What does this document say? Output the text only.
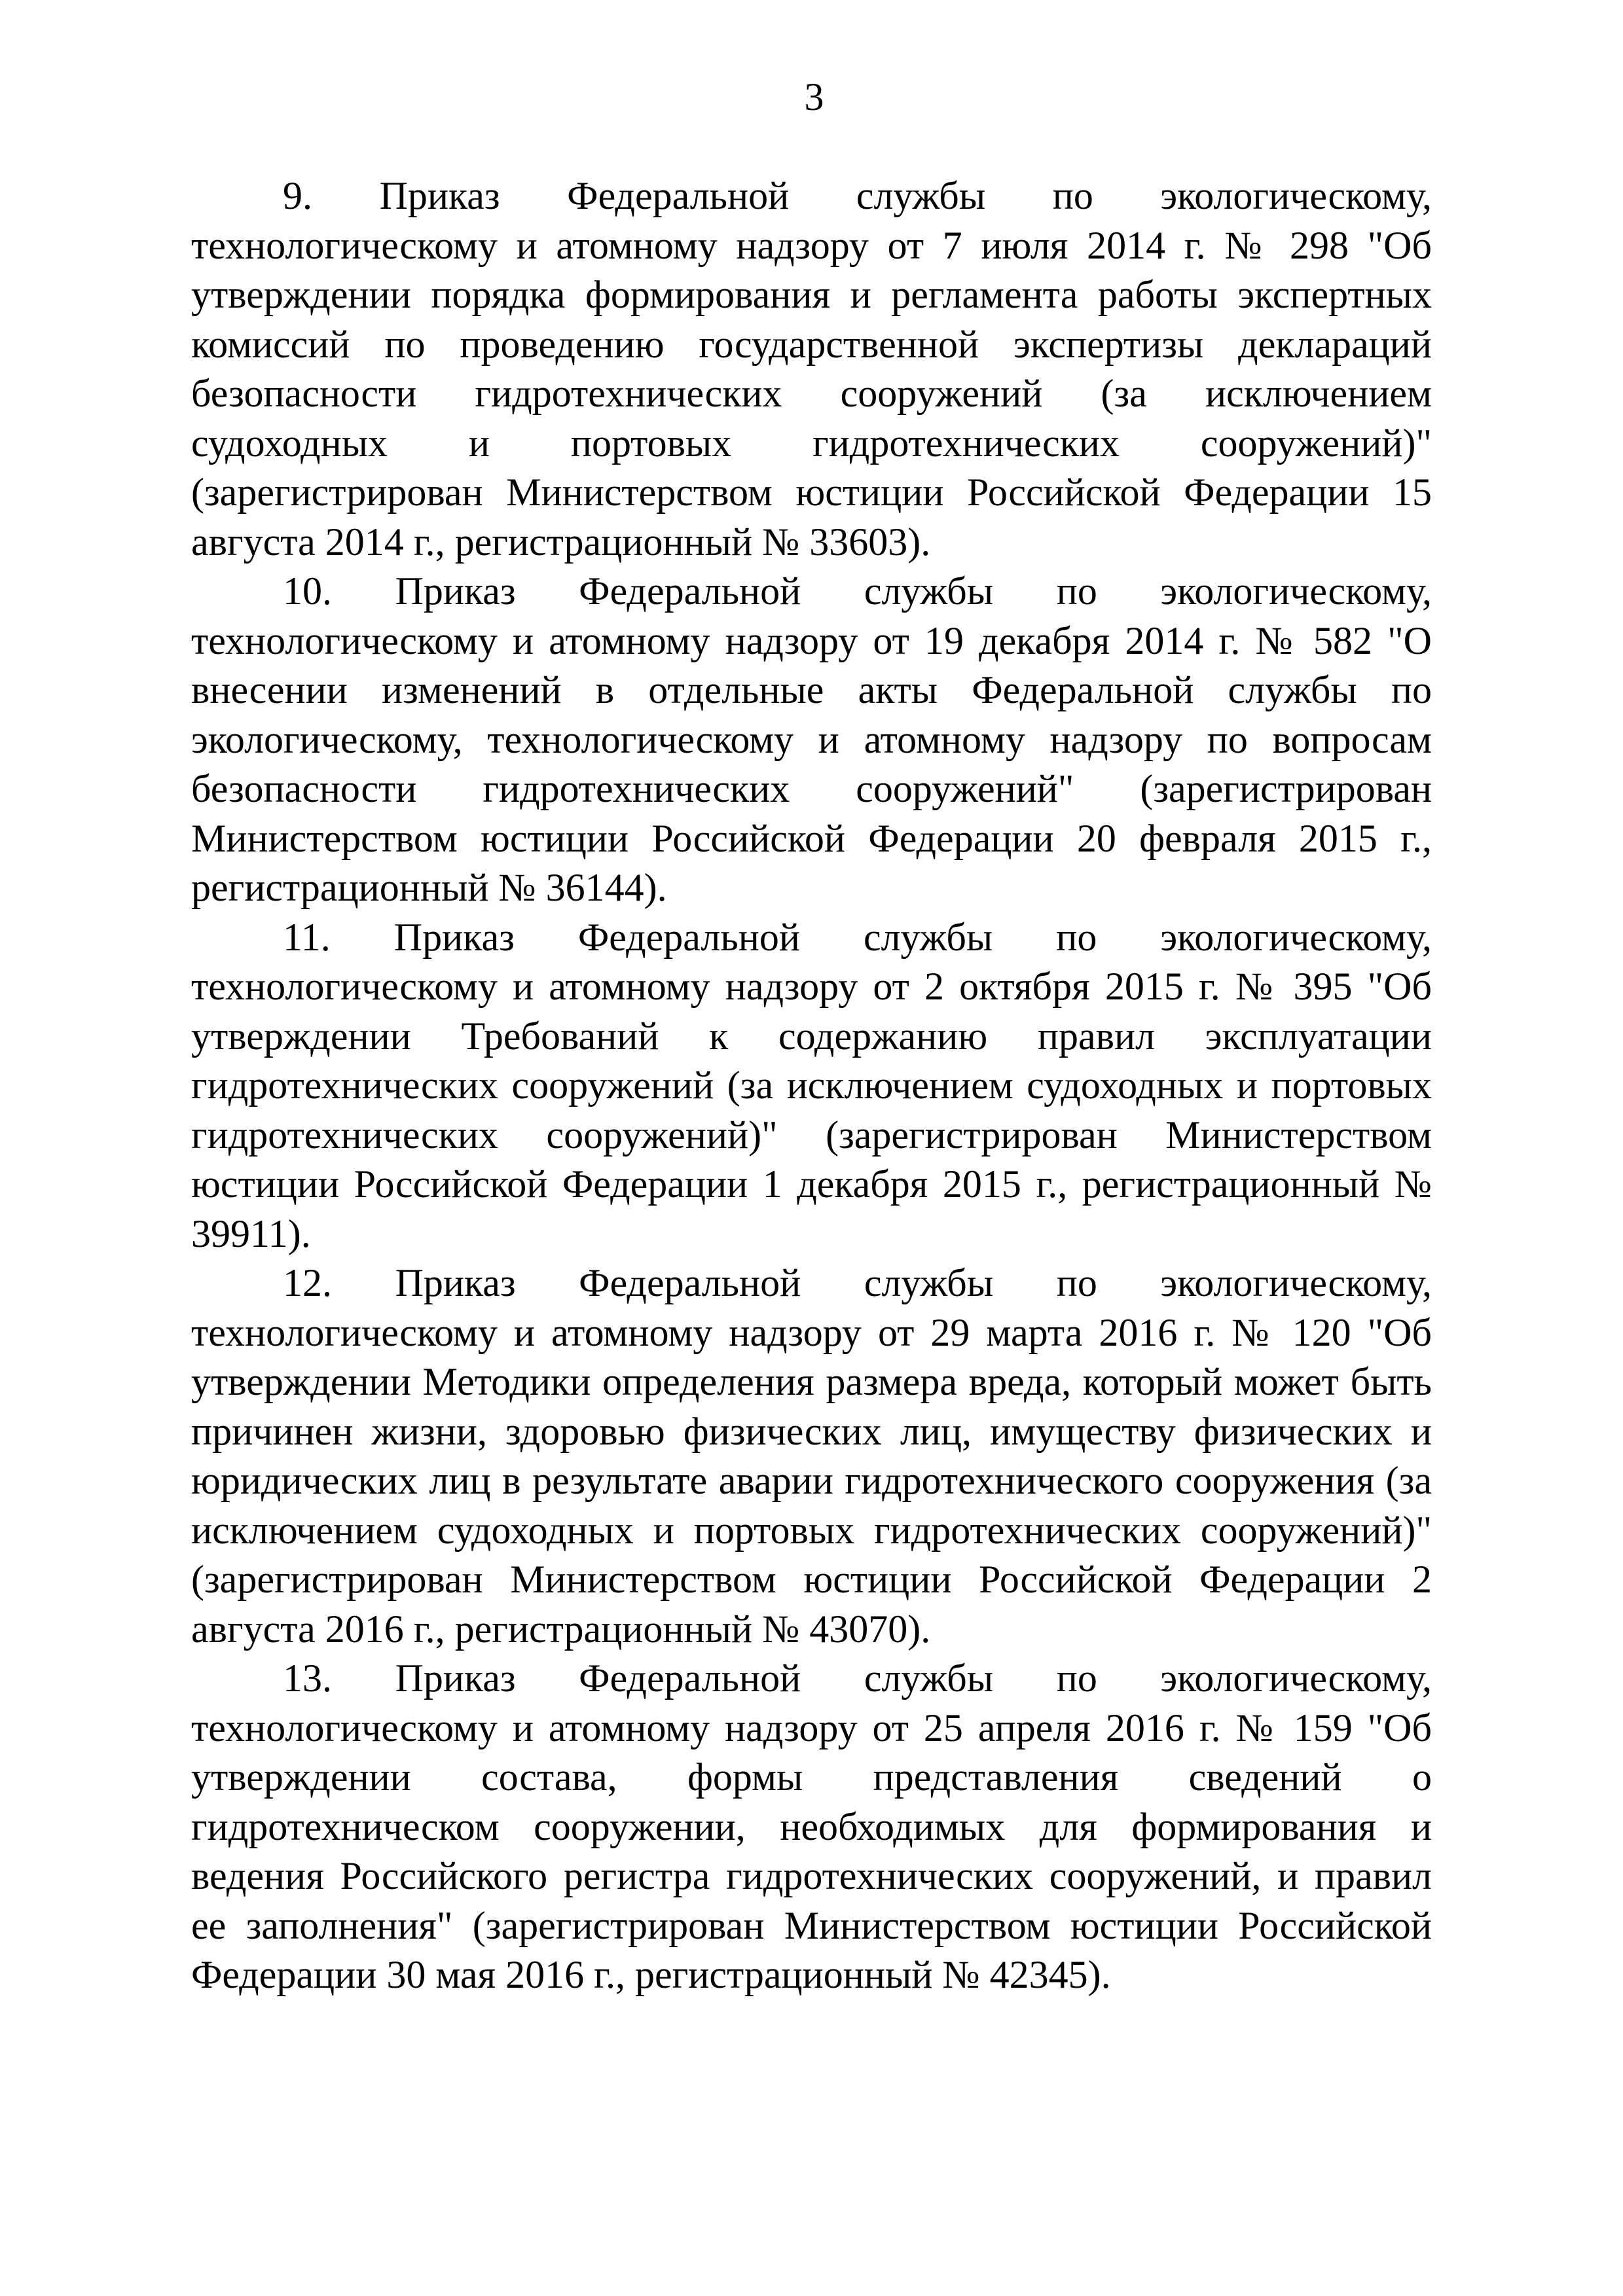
3

9. Приказ Федеральной службы по экологическому, технологическому и атомному надзору от 7 июля 2014 г. № 298 "Об утверждении порядка формирования и регламента работы экспертных комиссий по проведению государственной экспертизы деклараций безопасности гидротехнических сооружений (за исключением судоходных и портовых гидротехнических сооружений)" (зарегистрирован Министерством юстиции Российской Федерации 15 августа 2014 г., регистрационный № 33603).

10. Приказ Федеральной службы по экологическому, технологическому и атомному надзору от 19 декабря 2014 г. № 582 "О внесении изменений в отдельные акты Федеральной службы по экологическому, технологическому и атомному надзору по вопросам безопасности гидротехнических сооружений" (зарегистрирован Министерством юстиции Российской Федерации 20 февраля 2015 г., регистрационный № 36144).

11. Приказ Федеральной службы по экологическому, технологическому и атомному надзору от 2 октября 2015 г. № 395 "Об утверждении Требований к содержанию правил эксплуатации гидротехнических сооружений (за исключением судоходных и портовых гидротехнических сооружений)" (зарегистрирован Министерством юстиции Российской Федерации 1 декабря 2015 г., регистрационный № 39911).

12. Приказ Федеральной службы по экологическому, технологическому и атомному надзору от 29 марта 2016 г. № 120 "Об утверждении Методики определения размера вреда, который может быть причинен жизни, здоровью физических лиц, имуществу физических и юридических лиц в результате аварии гидротехнического сооружения (за исключением судоходных и портовых гидротехнических сооружений)" (зарегистрирован Министерством юстиции Российской Федерации 2 августа 2016 г., регистрационный № 43070).

13. Приказ Федеральной службы по экологическому, технологическому и атомному надзору от 25 апреля 2016 г. № 159 "Об утверждении состава, формы представления сведений о гидротехническом сооружении, необходимых для формирования и ведения Российского регистра гидротехнических сооружений, и правил ее заполнения" (зарегистрирован Министерством юстиции Российской Федерации 30 мая 2016 г., регистрационный № 42345).
